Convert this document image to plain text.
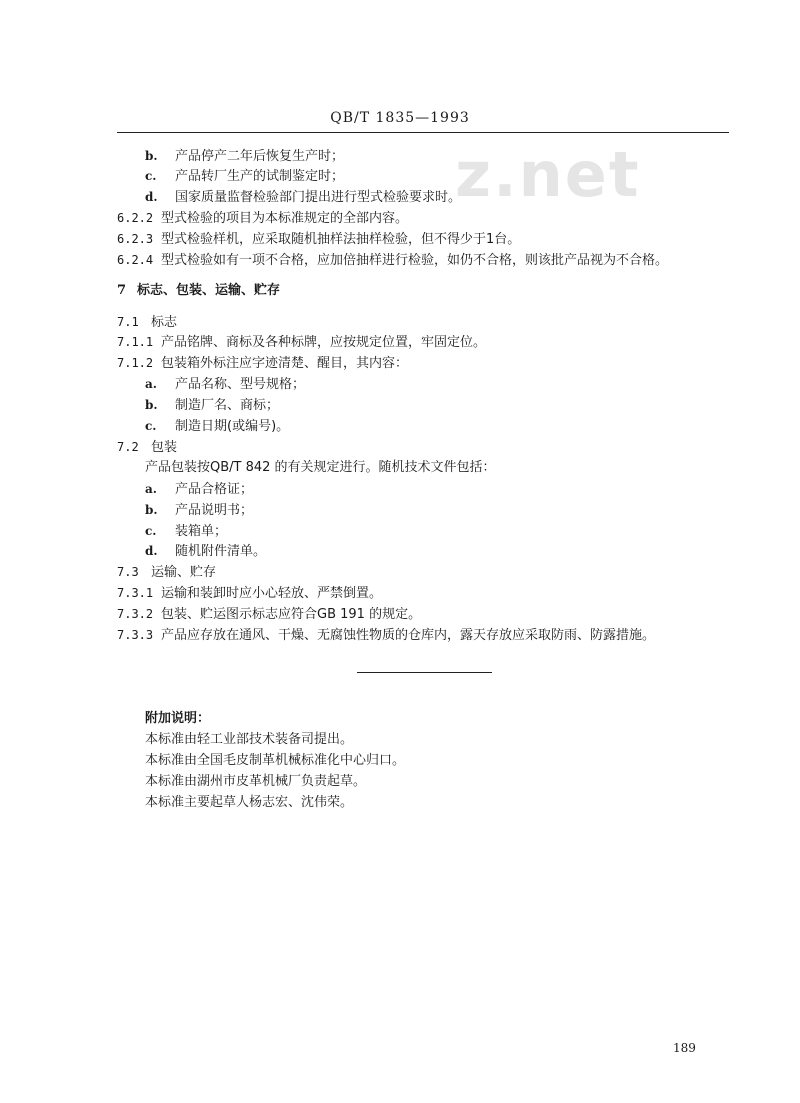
QB/T 1835—1993
z.net
b. 产品停产二年后恢复生产时；
c. 产品转厂生产的试制鉴定时；
d. 国家质量监督检验部门提出进行型式检验要求时。
6.2.2 型式检验的项目为本标准规定的全部内容。
6.2.3 型式检验样机，应采取随机抽样法抽样检验，但不得少于1台。
6.2.4 型式检验如有一项不合格，应加倍抽样进行检验，如仍不合格，则该批产品视为不合格。
7 标志、包装、运输、贮存
7.1 标志
7.1.1 产品铭牌、商标及各种标牌，应按规定位置，牢固定位。
7.1.2 包装箱外标注应字迹清楚、醒目，其内容：
a. 产品名称、型号规格；
b. 制造厂名、商标；
c. 制造日期(或编号)。
7.2 包装
产品包装按QB/T 842 的有关规定进行。随机技术文件包括：
a. 产品合格证；
b. 产品说明书；
c. 装箱单；
d. 随机附件清单。
7.3 运输、贮存
7.3.1 运输和装卸时应小心轻放、严禁倒置。
7.3.2 包装、贮运图示标志应符合GB 191 的规定。
7.3.3 产品应存放在通风、干燥、无腐蚀性物质的仓库内，露天存放应采取防雨、防露措施。
附加说明：
本标准由轻工业部技术装备司提出。
本标准由全国毛皮制革机械标准化中心归口。
本标准由湖州市皮革机械厂负责起草。
本标准主要起草人杨志宏、沈伟荣。
189
